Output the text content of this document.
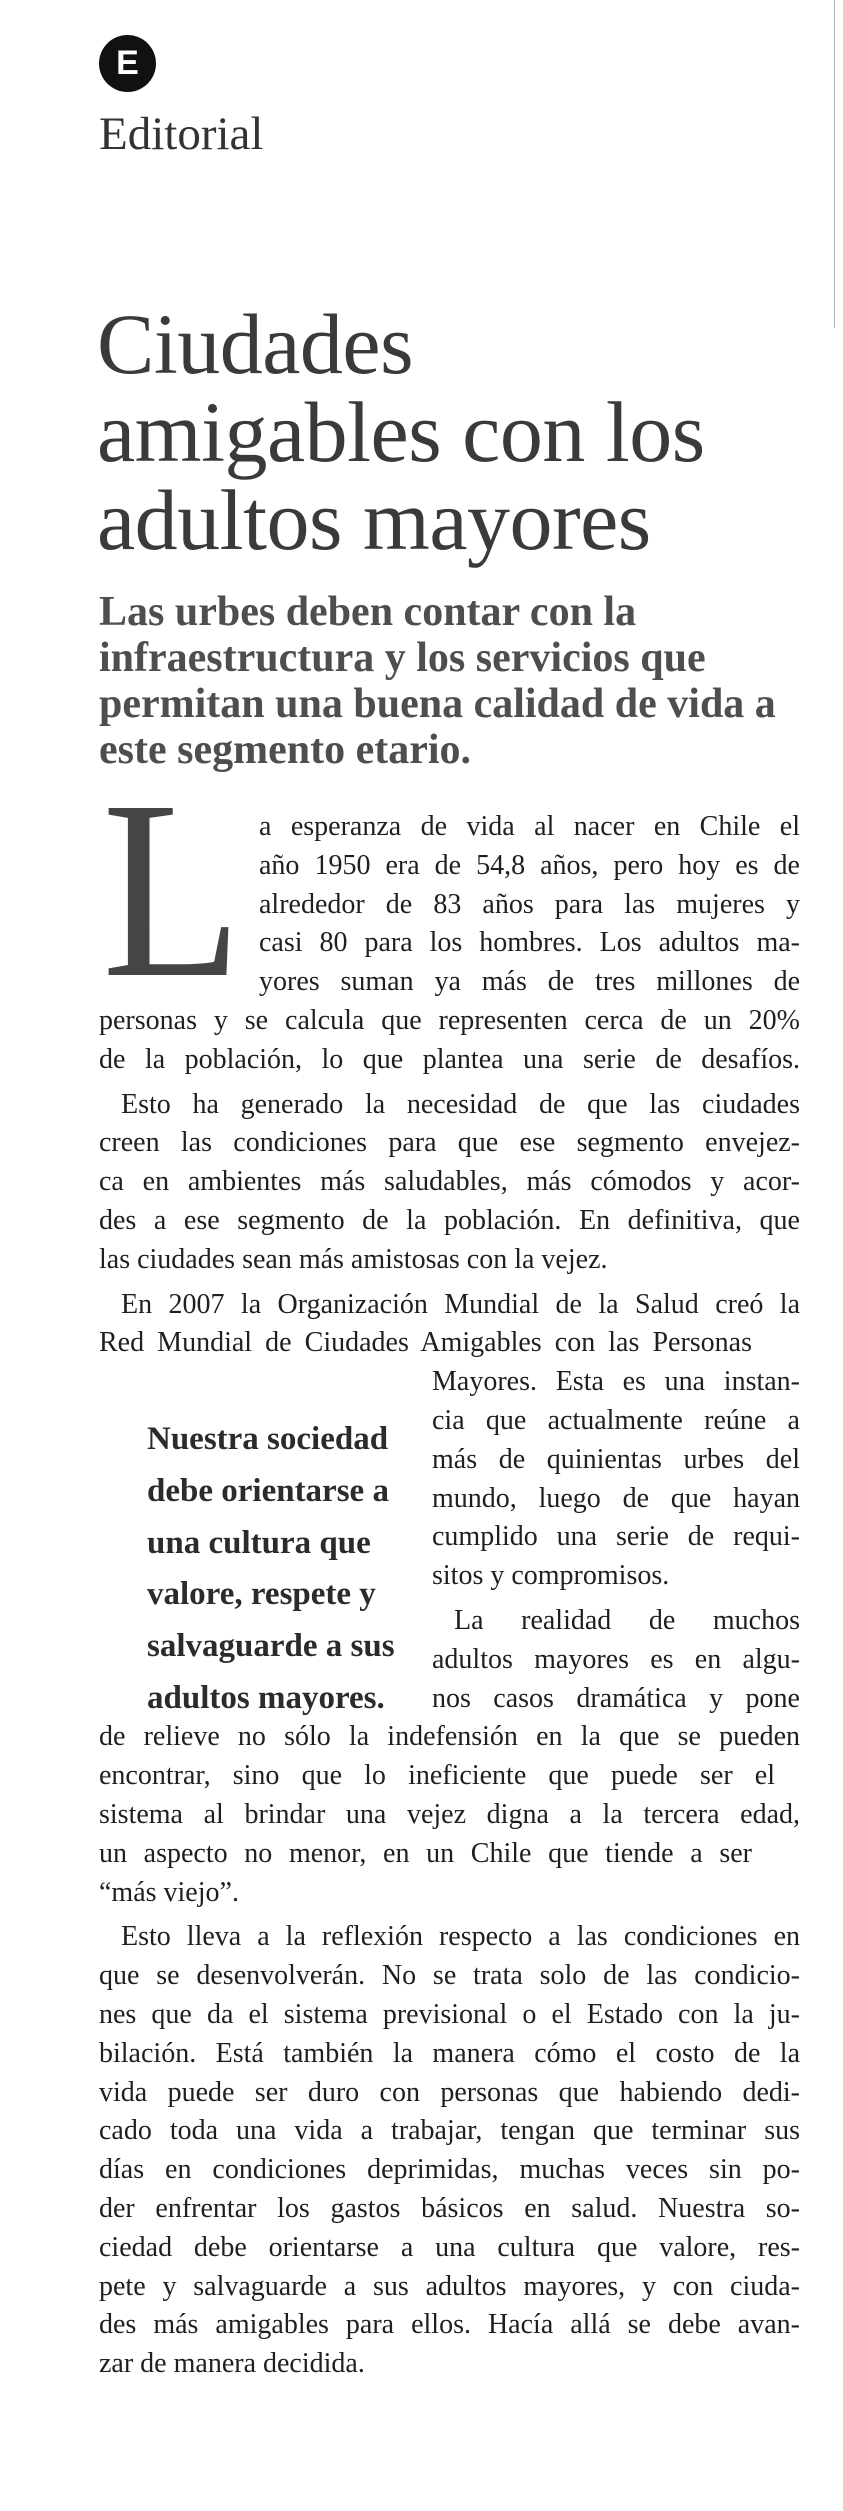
E
Editorial
Ciudades
amigables con los
adultos mayores
Las urbes deben contar con la
infraestructura y los servicios que
permitan una buena calidad de vida a
este segmento etario.
L a esperanza de vida al nacer en Chile el
año 1950 era de 54,8 años, pero hoy es de
alrededor de 83 años para las mujeres y
casi 80 para los hombres. Los adultos ma-
yores suman ya más de tres millones de
personas y se calcula que representen cerca de un 20%
de la población, lo que plantea una serie de desafíos.
Esto ha generado la necesidad de que las ciudades
creen las condiciones para que ese segmento envejez-
ca en ambientes más saludables, más cómodos y acor-
des a ese segmento de la población. En definitiva, que
las ciudades sean más amistosas con la vejez.
En 2007 la Organización Mundial de la Salud creó la
Red Mundial de Ciudades Amigables con las Personas
Mayores. Esta es una instan-
cia que actualmente reúne a
más de quinientas urbes del
mundo, luego de que hayan
cumplido una serie de requi-
sitos y compromisos.
La realidad de muchos
adultos mayores es en algu-
nos casos dramática y pone
de relieve no sólo la indefensión en la que se pueden
encontrar, sino que lo ineficiente que puede ser el
sistema al brindar una vejez digna a la tercera edad,
un aspecto no menor, en un Chile que tiende a ser
“más viejo”.
Esto lleva a la reflexión respecto a las condiciones en
que se desenvolverán. No se trata solo de las condicio-
nes que da el sistema previsional o el Estado con la ju-
bilación. Está también la manera cómo el costo de la
vida puede ser duro con personas que habiendo dedi-
cado toda una vida a trabajar, tengan que terminar sus
días en condiciones deprimidas, muchas veces sin po-
der enfrentar los gastos básicos en salud. Nuestra so-
ciedad debe orientarse a una cultura que valore, res-
pete y salvaguarde a sus adultos mayores, y con ciuda-
des más amigables para ellos. Hacía allá se debe avan-
zar de manera decidida.
Nuestra sociedad
debe orientarse a
una cultura que
valore, respete y
salvaguarde a sus
adultos mayores.
